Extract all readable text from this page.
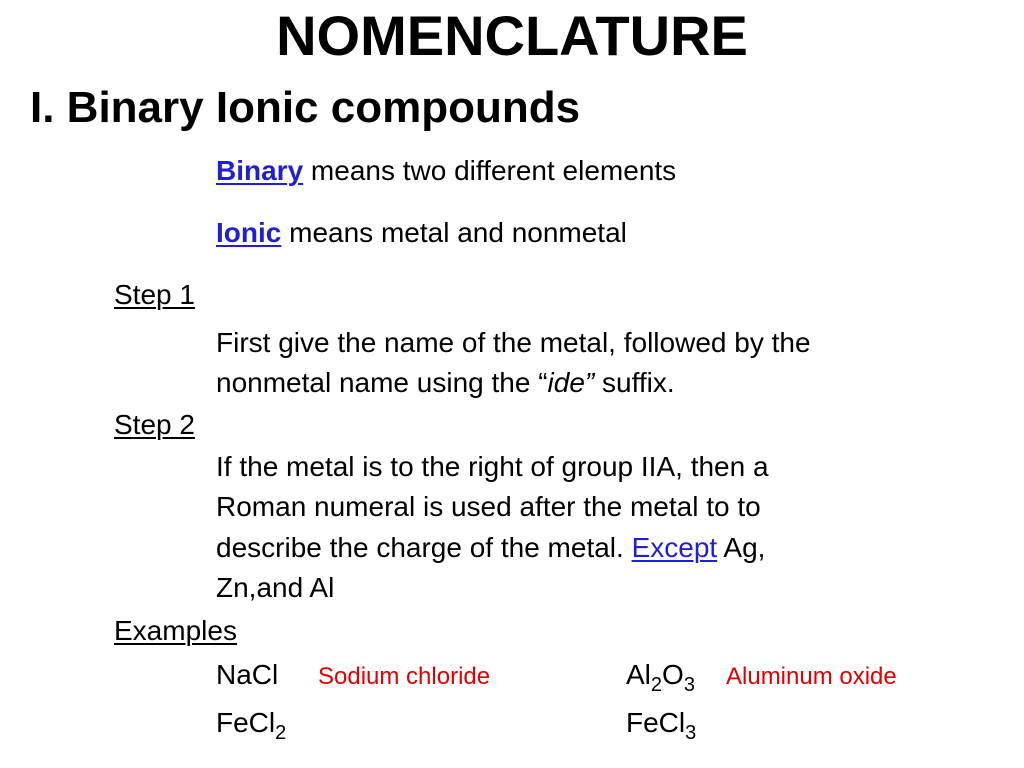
NOMENCLATURE
I. Binary Ionic compounds
Binary means two different elements
Ionic means metal and nonmetal
Step 1
First give the name of the metal, followed by the
nonmetal name using the “ide” suffix.
Step 2
If the metal is to the right of group IIA, then a
Roman numeral is used after the metal to to
describe the charge of the metal. Except Ag,
Zn,and Al
Examples
NaCl Sodium chloride	$Al_2O_3$ Aluminum oxide
FeCl$_2$	FeCl$_3$
